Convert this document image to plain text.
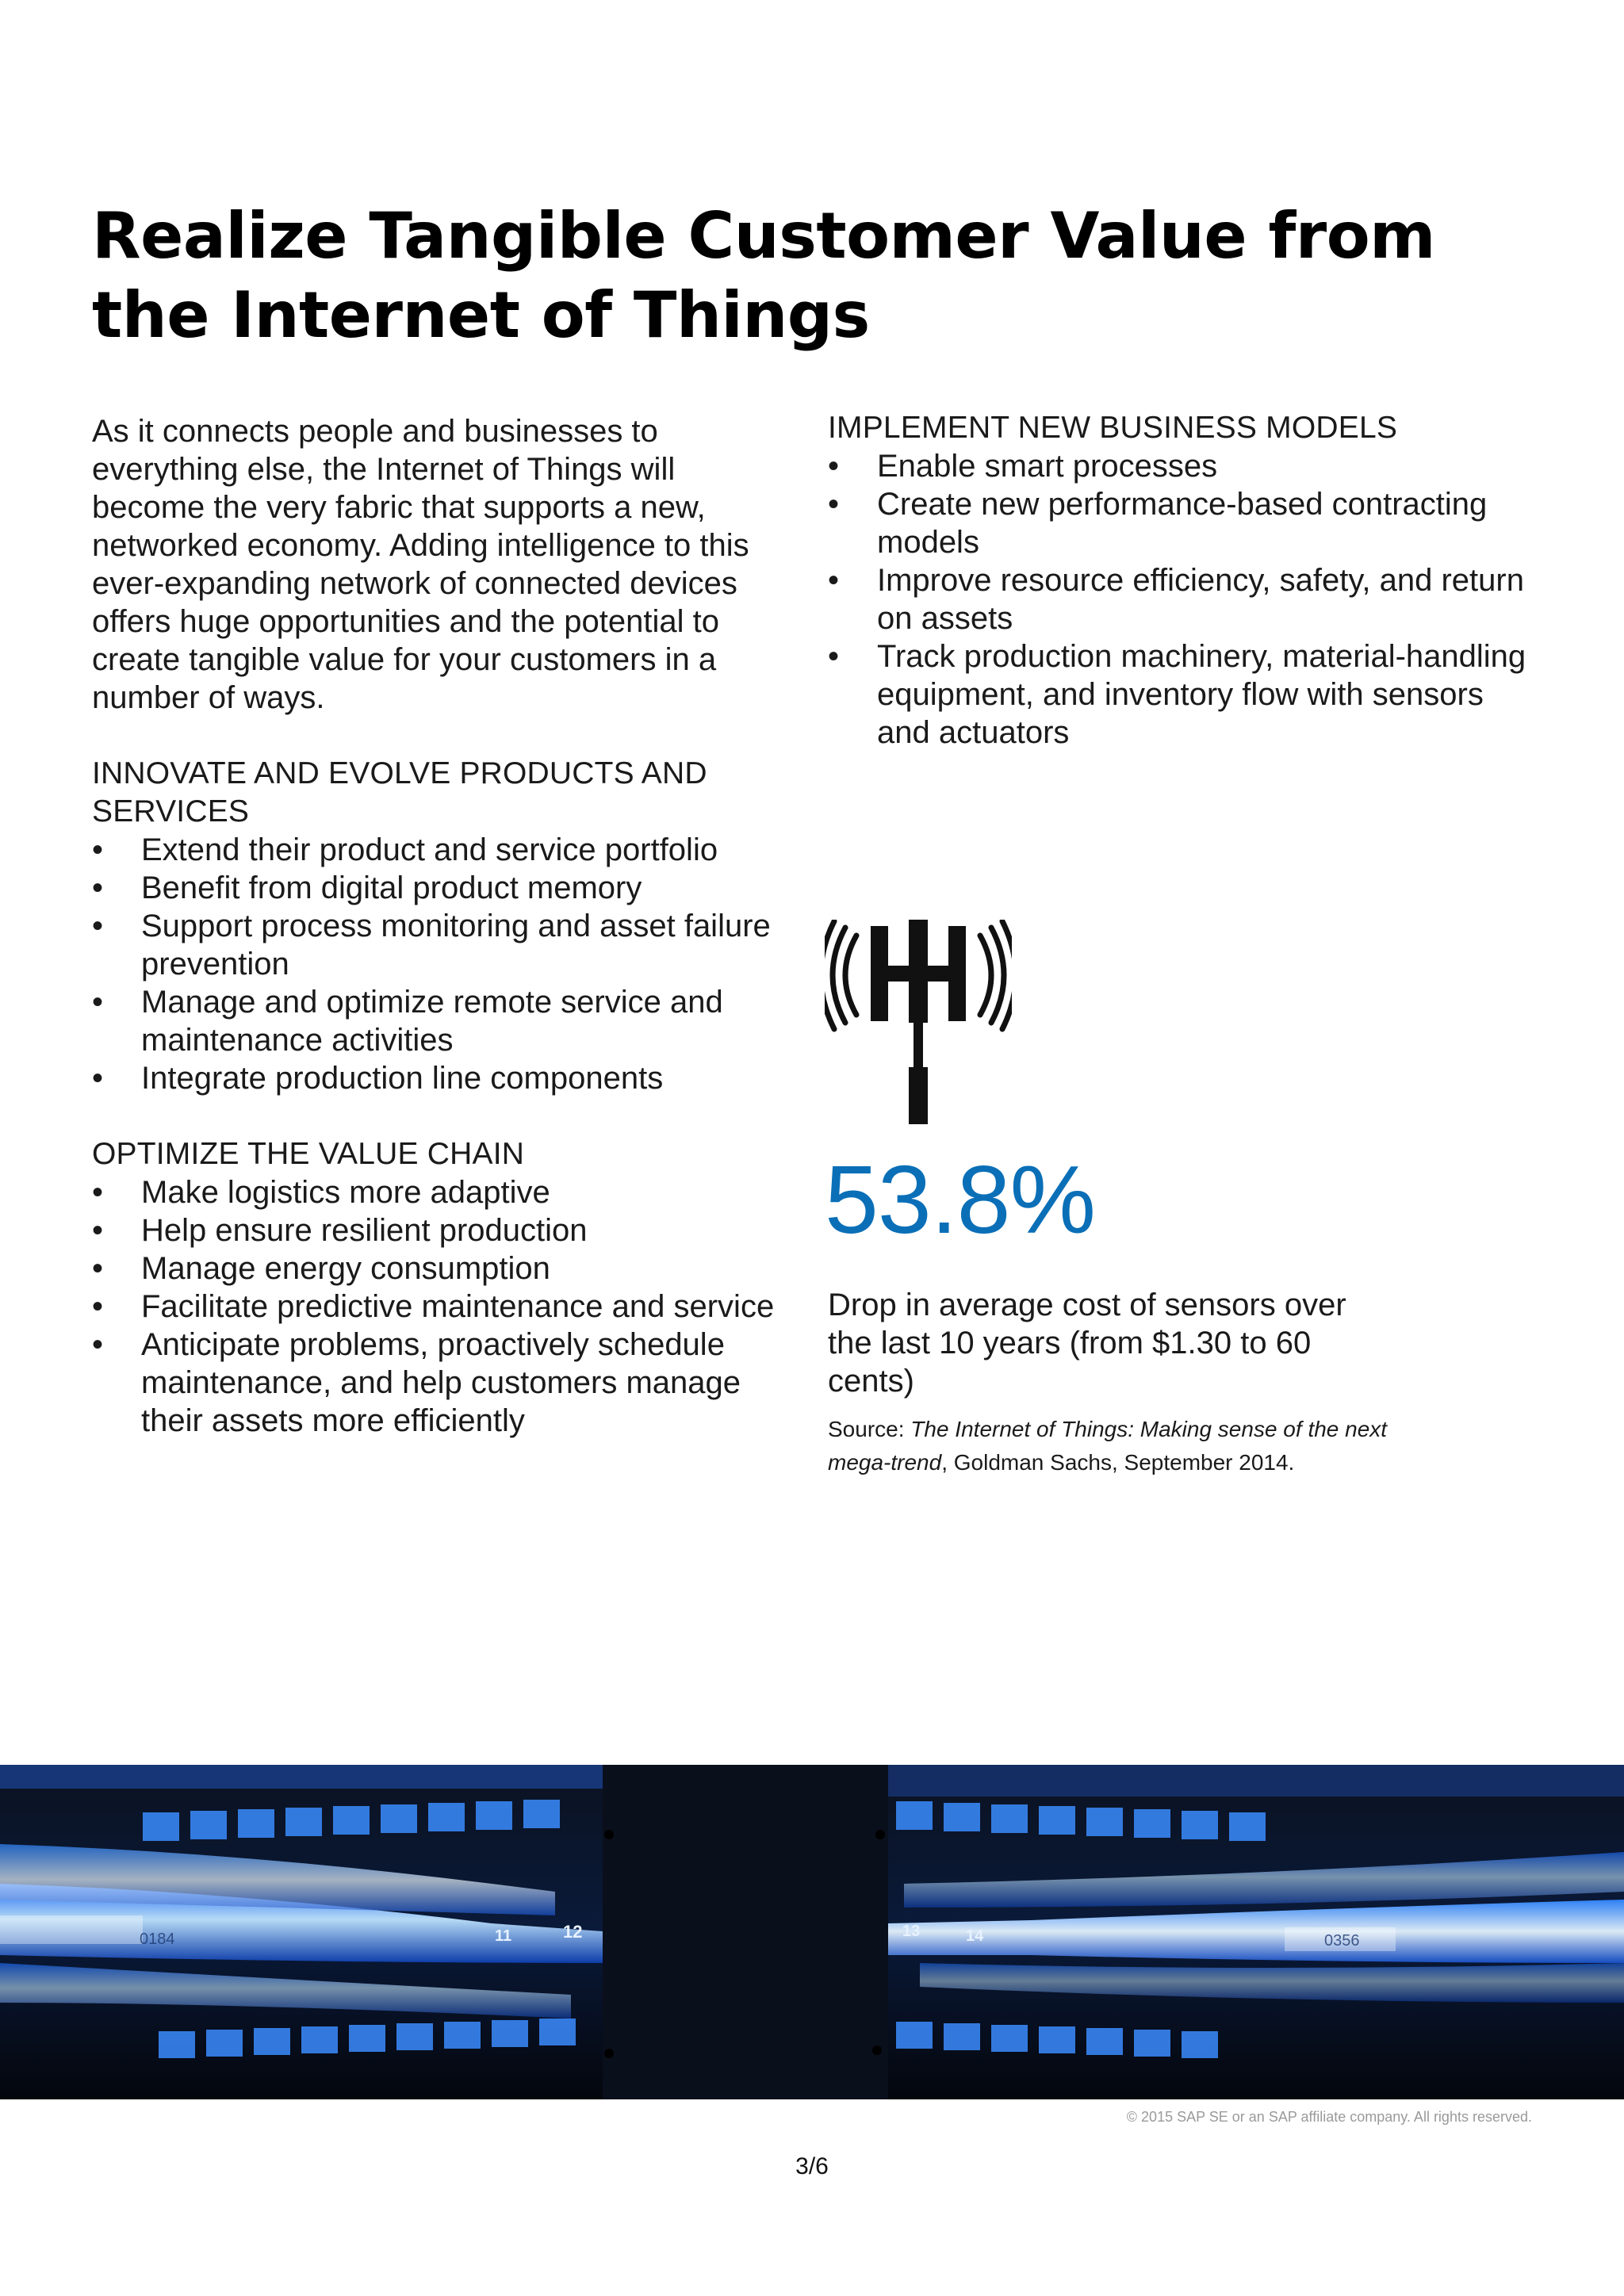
Realize Tangible Customer Value from the Internet of Things

As it connects people and businesses to everything else, the Internet of Things will become the very fabric that supports a new, networked economy. Adding intelligence to this ever-expanding network of connected devices offers huge opportunities and the potential to create tangible value for your customers in a number of ways.

INNOVATE AND EVOLVE PRODUCTS AND SERVICES
•	Extend their product and service portfolio
•	Benefit from digital product memory
•	Support process monitoring and asset failure prevention
•	Manage and optimize remote service and maintenance activities
•	Integrate production line components
OPTIMIZE THE VALUE CHAIN
•	Make logistics more adaptive
•	Help ensure resilient production
•	Manage energy consumption
•	Facilitate predictive maintenance and service
•	Anticipate problems, proactively schedule maintenance, and help customers manage their assets more efficiently
IMPLEMENT NEW BUSINESS MODELS
•	Enable smart processes
•	Create new performance-based contracting models
•	Improve resource efficiency, safety, and return on assets
•	Track production machinery, material-handling equipment, and inventory flow with sensors and actuators

53.8%

Drop in average cost of sensors over the last 10 years (from $1.30 to 60 cents)

Source: The Internet of Things: Making sense of the next mega-trend, Goldman Sachs, September 2014.

11	12	13	14
0184	0356

© 2015 SAP SE or an SAP affiliate company. All rights reserved.

3/6
